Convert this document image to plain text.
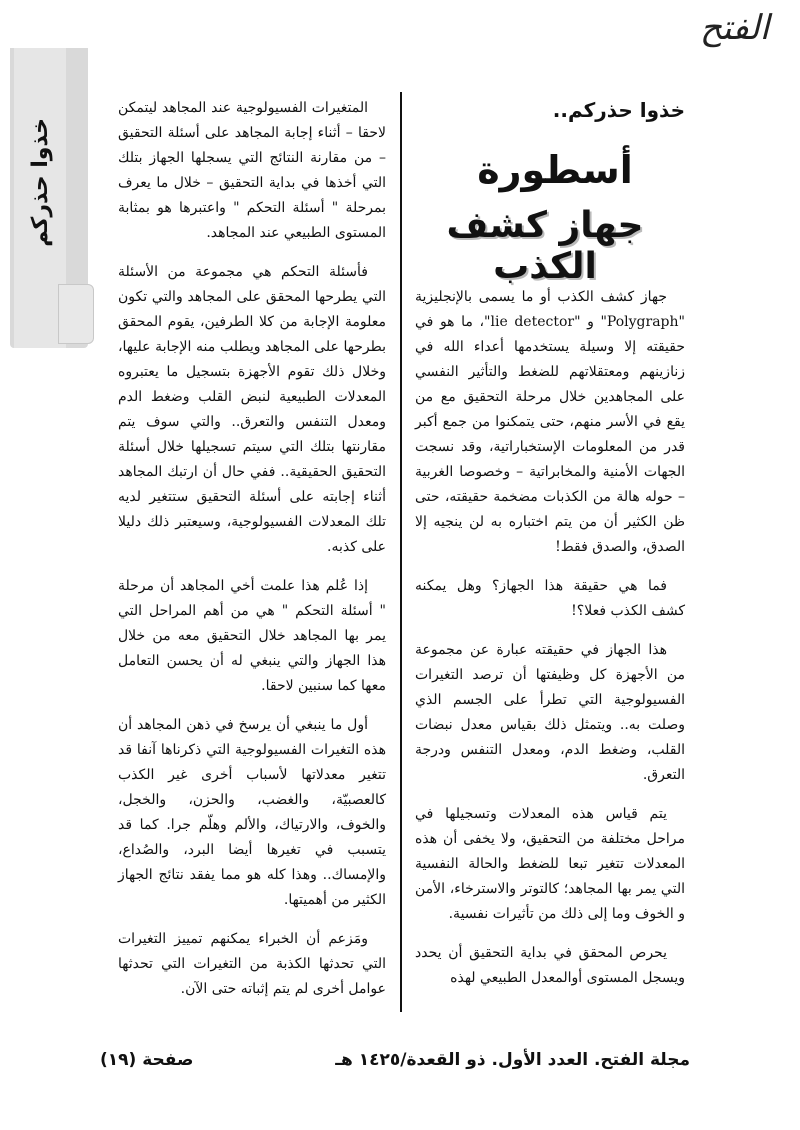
الفتح
خذوا حذركم
خذوا حذركم..
أسطورة
جهاز كشف الكذب

جهاز كشف الكذب أو ما يسمى بالإنجليزية "Polygraph" و "lie detector"، ما هو في حقيقته إلا وسيلة يستخدمها أعداء الله في زنازينهم ومعتقلاتهم للضغط والتأثير النفسي على المجاهدين خلال مرحلة التحقيق مع من يقع في الأسر منهم، حتى يتمكنوا من جمع أكبر قدر من المعلومات الإستخباراتية، وقد نسجت الجهات الأمنية والمخابراتية – وخصوصا الغربية – حوله هالة من الكذبات مضخمة حقيقته، حتى ظن الكثير أن من يتم اختباره به لن ينجيه إلا الصدق، والصدق فقط!

فما هي حقيقة هذا الجهاز؟ وهل يمكنه كشف الكذب فعلا؟!

هذا الجهاز في حقيقته عبارة عن مجموعة من الأجهزة كل وظيفتها أن ترصد التغيرات الفسيولوجية التي تطرأ على الجسم الذي وصلت به.. ويتمثل ذلك بقياس معدل نبضات القلب، وضغط الدم، ومعدل التنفس ودرجة التعرق.

يتم قياس هذه المعدلات وتسجيلها في مراحل مختلفة من التحقيق، ولا يخفى أن هذه المعدلات تتغير تبعا للضغط والحالة النفسية التي يمر بها المجاهد؛ كالتوتر والاسترخاء، الأمن و الخوف وما إلى ذلك من تأثيرات نفسية.

يحرص المحقق في بداية التحقيق أن يحدد ويسجل المستوى أوالمعدل الطبيعي لهذه

المتغيرات الفسيولوجية عند المجاهد ليتمكن لاحقا – أثناء إجابة المجاهد على أسئلة التحقيق – من مقارنة النتائج التي يسجلها الجهاز بتلك التي أخذها في بداية التحقيق – خلال ما يعرف بمرحلة " أسئلة التحكم " واعتبرها هو بمثابة المستوى الطبيعي عند المجاهد.

فأسئلة التحكم هي مجموعة من الأسئلة التي يطرحها المحقق على المجاهد والتي تكون معلومة الإجابة من كلا الطرفين، يقوم المحقق بطرحها على المجاهد ويطلب منه الإجابة عليها، وخلال ذلك تقوم الأجهزة بتسجيل ما يعتبروه المعدلات الطبيعية لنبض القلب وضغط الدم ومعدل التنفس والتعرق.. والتي سوف يتم مقارنتها بتلك التي سيتم تسجيلها خلال أسئلة التحقيق الحقيقية.. ففي حال أن ارتبك المجاهد أثناء إجابته على أسئلة التحقيق ستتغير لديه تلك المعدلات الفسيولوجية، وسيعتبر ذلك دليلا على كذبه.

إذا عُلم هذا علمت أخي المجاهد أن مرحلة " أسئلة التحكم " هي من أهم المراحل التي يمر بها المجاهد خلال التحقيق معه من خلال هذا الجهاز والتي ينبغي له أن يحسن التعامل معها كما سنبين لاحقا.

أول ما ينبغي أن يرسخ في ذهن المجاهد أن هذه التغيرات الفسيولوجية التي ذكرناها آنفا قد تتغير معدلاتها لأسباب أخرى غير الكذب كالعصبيّة، والغضب، والحزن، والخجل، والخوف، والارتياك، والألم وهلّم جرا. كما قد يتسبب في تغيرها أيضا البرد، والصُداع، والإمساك.. وهذا كله هو مما يفقد نتائج الجهاز الكثير من أهميتها.

ومَزعم أن الخبراء يمكنهم تمييز التغيرات التي تحدثها الكذبة من التغيرات التي تحدثها عوامل أخرى لم يتم إثباته حتى الآن.

مجلة الفتح. العدد الأول. ذو القعدة/١٤٢٥ هـ
صفحة (١٩)
